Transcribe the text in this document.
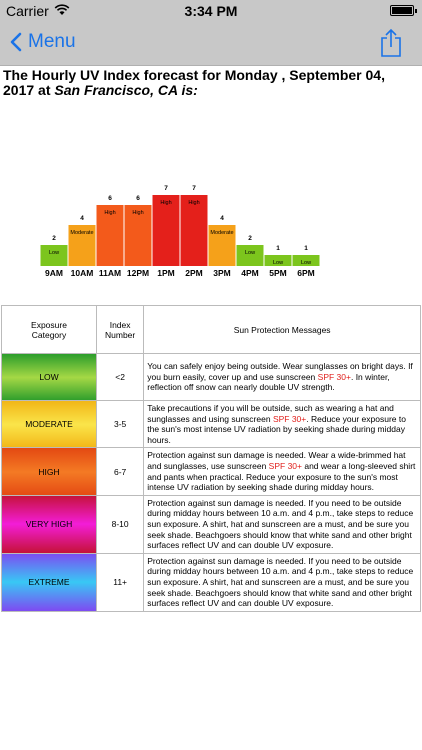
Carrier	3:34 PM
Menu
The Hourly UV Index forecast for Monday , September 04, 2017 at San Francisco, CA is:
2
Low
9AM
4
Moderate
10AM
6
High
11AM
6
High
12PM
7
High
1PM
7
High
2PM
4
Moderate
3PM
2
Low
4PM
1
Low
5PM
1
Low
6PM
Exposure Category	Index Number	Sun Protection Messages
LOW	<2	You can safely enjoy being outside. Wear sunglasses on bright days. If you burn easily, cover up and use sunscreen SPF 30+. In winter, reflection off snow can nearly double UV strength.
MODERATE	3-5	Take precautions if you will be outside, such as wearing a hat and sunglasses and using sunscreen SPF 30+. Reduce your exposure to the sun's most intense UV radiation by seeking shade during midday hours.
HIGH	6-7	Protection against sun damage is needed. Wear a wide-brimmed hat and sunglasses, use sunscreen SPF 30+ and wear a long-sleeved shirt and pants when practical. Reduce your exposure to the sun's most intense UV radiation by seeking shade during midday hours.
VERY HIGH	8-10	Protection against sun damage is needed. If you need to be outside during midday hours between 10 a.m. and 4 p.m., take steps to reduce sun exposure. A shirt, hat and sunscreen are a must, and be sure you seek shade. Beachgoers should know that white sand and other bright surfaces reflect UV and can double UV exposure.
EXTREME	11+	Protection against sun damage is needed. If you need to be outside during midday hours between 10 a.m. and 4 p.m., take steps to reduce sun exposure. A shirt, hat and sunscreen are a must, and be sure you seek shade. Beachgoers should know that white sand and other bright surfaces reflect UV and can double UV exposure.
